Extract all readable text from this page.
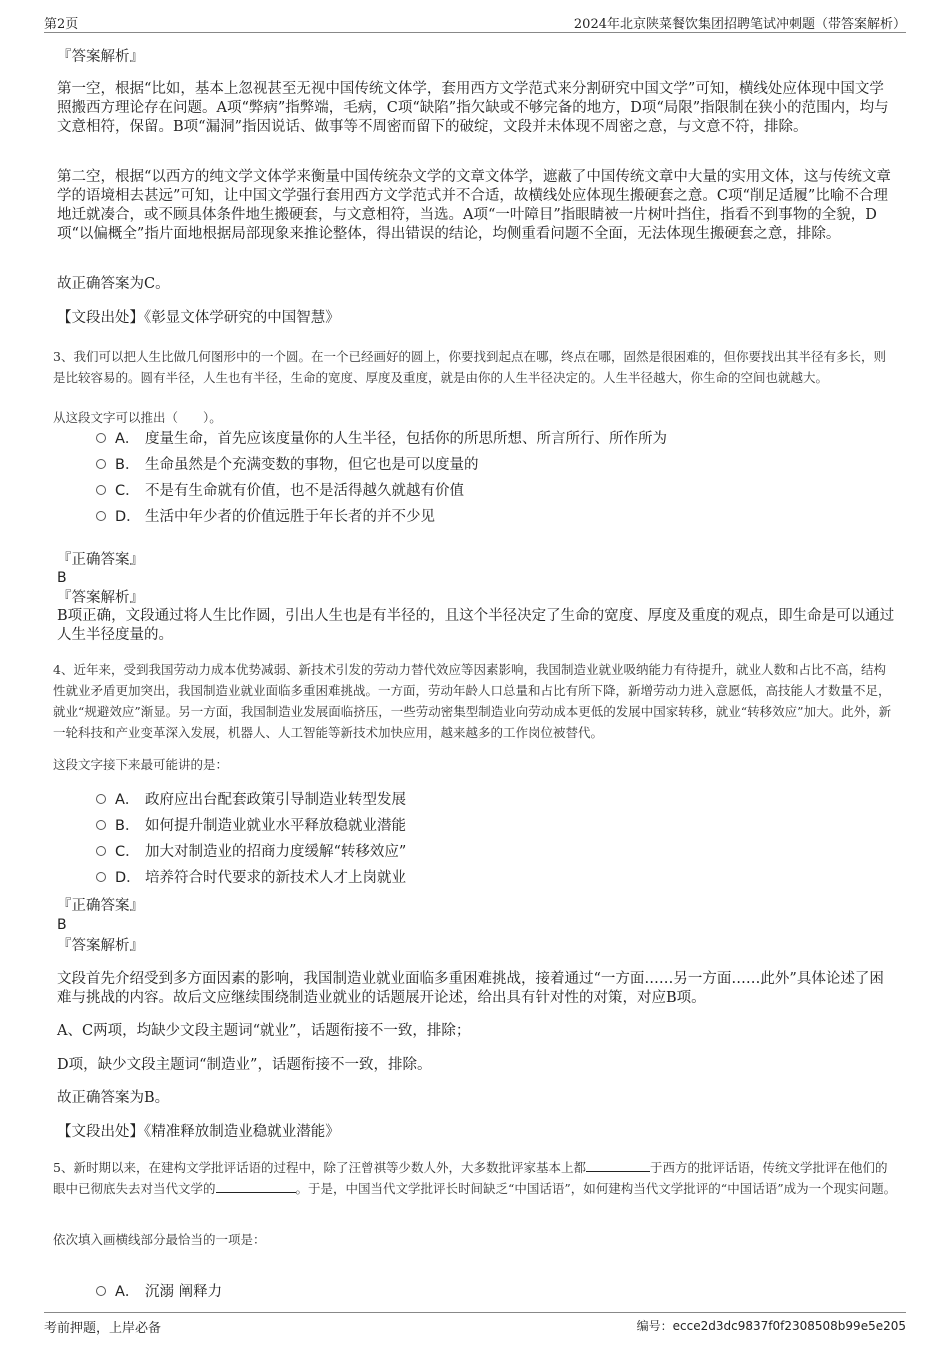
第2页	2024年北京陕菜餐饮集团招聘笔试冲刺题（带答案解析）
『答案解析』

第一空，根据“比如，基本上忽视甚至无视中国传统文体学，套用西方文学范式来分割研究中国文学”可知，横线处应体现中国文学照搬西方理论存在问题。A项“弊病”指弊端，毛病，C项“缺陷”指欠缺或不够完备的地方，D项“局限”指限制在狭小的范围内，均与文意相符，保留。B项“漏洞”指因说话、做事等不周密而留下的破绽，文段并未体现不周密之意，与文意不符，排除。

第二空，根据“以西方的纯文学文体学来衡量中国传统杂文学的文章文体学，遮蔽了中国传统文章中大量的实用文体，这与传统文章学的语境相去甚远”可知，让中国文学强行套用西方文学范式并不合适，故横线处应体现生搬硬套之意。C项“削足适履”比喻不合理地迁就凑合，或不顾具体条件地生搬硬套，与文意相符，当选。A项“一叶障目”指眼睛被一片树叶挡住，指看不到事物的全貌，D项“以偏概全”指片面地根据局部现象来推论整体，得出错误的结论，均侧重看问题不全面，无法体现生搬硬套之意，排除。

故正确答案为C。

【文段出处】《彰显文体学研究的中国智慧》

3、我们可以把人生比做几何图形中的一个圆。在一个已经画好的圆上，你要找到起点在哪，终点在哪，固然是很困难的，但你要找出其半径有多长，则是比较容易的。圆有半径，人生也有半径，生命的宽度、厚度及重度，就是由你的人生半径决定的。人生半径越大，你生命的空间也就越大。

从这段文字可以推出（　　）。

A． 度量生命，首先应该度量你的人生半径，包括你的所思所想、所言所行、所作所为
B． 生命虽然是个充满变数的事物，但它也是可以度量的
C． 不是有生命就有价值，也不是活得越久就越有价值
D． 生活中年少者的价值远胜于年长者的并不少见
『正确答案』
B
『答案解析』

B项正确，文段通过将人生比作圆，引出人生也是有半径的，且这个半径决定了生命的宽度、厚度及重度的观点，即生命是可以通过人生半径度量的。

4、近年来，受到我国劳动力成本优势减弱、新技术引发的劳动力替代效应等因素影响，我国制造业就业吸纳能力有待提升，就业人数和占比不高，结构性就业矛盾更加突出，我国制造业就业面临多重困难挑战。一方面，劳动年龄人口总量和占比有所下降，新增劳动力进入意愿低，高技能人才数量不足，就业“规避效应”渐显。另一方面，我国制造业发展面临挤压，一些劳动密集型制造业向劳动成本更低的发展中国家转移，就业“转移效应”加大。此外，新一轮科技和产业变革深入发展，机器人、人工智能等新技术加快应用，越来越多的工作岗位被替代。

这段文字接下来最可能讲的是：

A． 政府应出台配套政策引导制造业转型发展
B． 如何提升制造业就业水平释放稳就业潜能
C． 加大对制造业的招商力度缓解“转移效应”
D． 培养符合时代要求的新技术人才上岗就业
『正确答案』
B
『答案解析』

文段首先介绍受到多方面因素的影响，我国制造业就业面临多重困难挑战，接着通过“一方面……另一方面……此外”具体论述了困难与挑战的内容。故后文应继续围绕制造业就业的话题展开论述，给出具有针对性的对策，对应B项。

A、C两项，均缺少文段主题词“就业”，话题衔接不一致，排除；

D项，缺少文段主题词“制造业”，话题衔接不一致，排除。

故正确答案为B。

【文段出处】《精准释放制造业稳就业潜能》

5、新时期以来，在建构文学批评话语的过程中，除了汪曾祺等少数人外，大多数批评家基本上都	于西方的批评话语，传统文学批评在他们的眼中已彻底失去对当代文学的	。于是，中国当代文学批评长时间缺乏“中国话语”，如何建构当代文学批评的“中国话语”成为一个现实问题。

依次填入画横线部分最恰当的一项是：

A． 沉溺 阐释力
考前押题，上岸必备	编号：ecce2d3dc9837f0f2308508b99e5e205
